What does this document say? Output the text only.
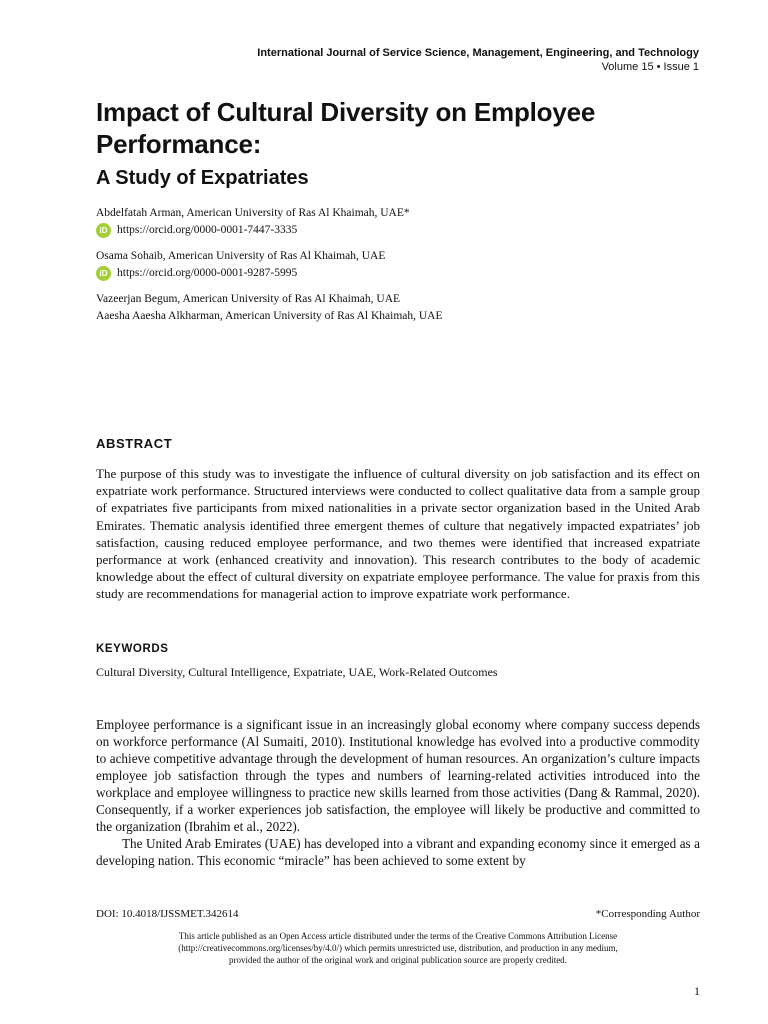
International Journal of Service Science, Management, Engineering, and Technology
Volume 15 • Issue 1
Impact of Cultural Diversity on Employee Performance:
A Study of Expatriates
Abdelfatah Arman, American University of Ras Al Khaimah, UAE*
iD https://orcid.org/0000-0001-7447-3335
Osama Sohaib, American University of Ras Al Khaimah, UAE
iD https://orcid.org/0000-0001-9287-5995
Vazeerjan Begum, American University of Ras Al Khaimah, UAE
Aaesha Aaesha Alkharman, American University of Ras Al Khaimah, UAE
ABSTRACT

The purpose of this study was to investigate the influence of cultural diversity on job satisfaction and its effect on expatriate work performance. Structured interviews were conducted to collect qualitative data from a sample group of expatriates five participants from mixed nationalities in a private sector organization based in the United Arab Emirates. Thematic analysis identified three emergent themes of culture that negatively impacted expatriates’ job satisfaction, causing reduced employee performance, and two themes were identified that increased expatriate performance at work (enhanced creativity and innovation). This research contributes to the body of academic knowledge about the effect of cultural diversity on expatriate employee performance. The value for praxis from this study are recommendations for managerial action to improve expatriate work performance.

KEYWORDS
Cultural Diversity, Cultural Intelligence, Expatriate, UAE, Work-Related Outcomes

Employee performance is a significant issue in an increasingly global economy where company success depends on workforce performance (Al Sumaiti, 2010). Institutional knowledge has evolved into a productive commodity to achieve competitive advantage through the development of human resources. An organization’s culture impacts employee job satisfaction through the types and numbers of learning-related activities introduced into the workplace and employee willingness to practice new skills learned from those activities (Dang & Rammal, 2020). Consequently, if a worker experiences job satisfaction, the employee will likely be productive and committed to the organization (Ibrahim et al., 2022).

The United Arab Emirates (UAE) has developed into a vibrant and expanding economy since it emerged as a developing nation. This economic “miracle” has been achieved to some extent by

DOI: 10.4018/IJSSMET.342614	*Corresponding Author

This article published as an Open Access article distributed under the terms of the Creative Commons Attribution License
(http://creativecommons.org/licenses/by/4.0/) which permits unrestricted use, distribution, and production in any medium,
provided the author of the original work and original publication source are properly credited.

1
